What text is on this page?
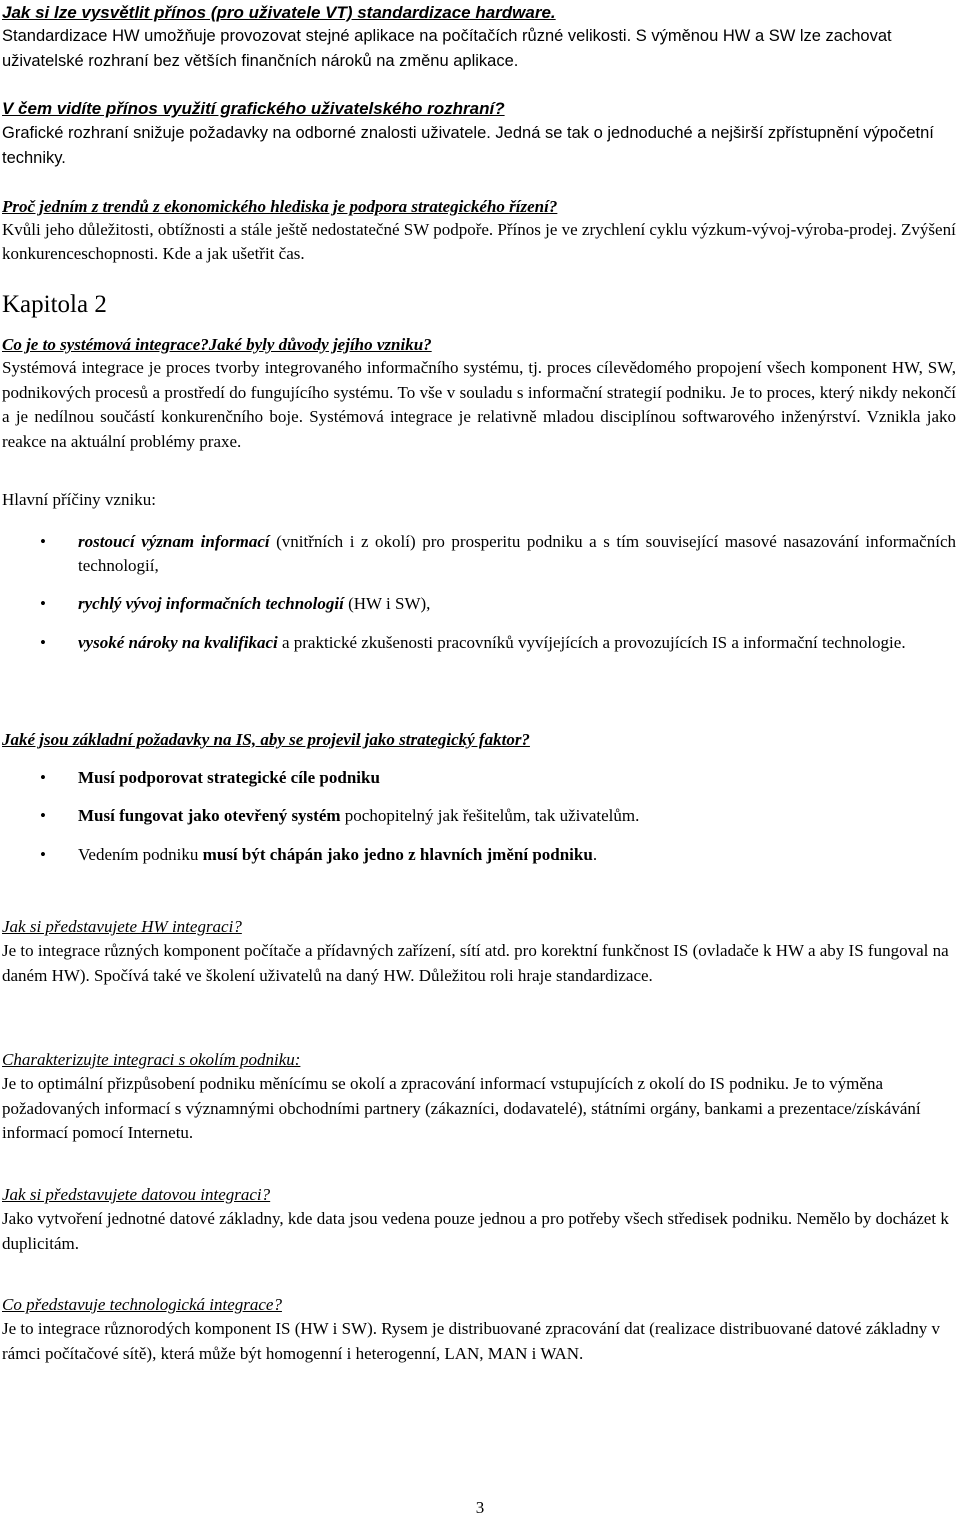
Jak si lze vysvětlit přínos (pro uživatele VT) standardizace hardware.
Standardizace HW umožňuje provozovat stejné aplikace na počítačích různé velikosti. S výměnou HW a SW lze zachovat uživatelské rozhraní bez větších finančních nároků na změnu aplikace.
V čem vidíte přínos využití grafického uživatelského rozhraní?
Grafické rozhraní snižuje požadavky na odborné znalosti uživatele. Jedná se tak o jednoduché a nejširší zpřístupnění výpočetní techniky.
Proč jedním z trendů z ekonomického hlediska je podpora strategického řízení?
Kvůli jeho důležitosti, obtížnosti a stále ještě nedostatečné SW podpoře. Přínos je ve zrychlení cyklu výzkum-vývoj-výroba-prodej. Zvýšení konkurenceschopnosti. Kde a jak ušetřit čas.
Kapitola 2
Co je to systémová integrace?Jaké byly důvody jejího vzniku?
Systémová integrace je proces tvorby integrovaného informačního systému, tj. proces cílevědomého propojení všech komponent HW, SW, podnikových procesů a prostředí do fungujícího systému. To vše v souladu s informační strategií podniku. Je to proces, který nikdy nekončí a je nedílnou součástí konkurenčního boje. Systémová integrace je relativně mladou disciplínou softwarového inženýrství. Vznikla jako reakce na aktuální problémy praxe.
Hlavní příčiny vzniku:
•	rostoucí význam informací (vnitřních i z okolí) pro prosperitu podniku a s tím související masové nasazování informačních technologií,
•	rychlý vývoj informačních technologií (HW i SW),
•	vysoké nároky na kvalifikaci a praktické zkušenosti pracovníků vyvíjejících a provozujících IS a informační technologie.
Jaké jsou základní požadavky na IS, aby se projevil jako strategický faktor?
•	Musí podporovat strategické cíle podniku
•	Musí fungovat jako otevřený systém pochopitelný jak řešitelům, tak uživatelům.
•	Vedením podniku musí být chápán jako jedno z hlavních jmění podniku.
Jak si představujete HW integraci?
Je to integrace různých komponent počítače a přídavných zařízení, sítí atd. pro korektní funkčnost IS (ovladače k HW a aby IS fungoval na daném HW). Spočívá také ve školení uživatelů na daný HW. Důležitou roli hraje standardizace.
Charakterizujte integraci s okolím podniku:
Je to optimální přizpůsobení podniku měnícímu se okolí a zpracování informací vstupujících z okolí do IS podniku. Je to výměna požadovaných informací s významnými obchodními partnery (zákazníci, dodavatelé), státními orgány, bankami a prezentace/získávání informací pomocí Internetu.
Jak si představujete datovou integraci?
Jako vytvoření jednotné datové základny, kde data jsou vedena pouze jednou a pro potřeby všech středisek podniku. Nemělo by docházet k duplicitám.
Co představuje technologická integrace?
Je to integrace různorodých komponent IS (HW i SW). Rysem je distribuované zpracování dat (realizace distribuované datové základny v rámci počítačové sítě), která může být homogenní i heterogenní, LAN, MAN i WAN.
3
